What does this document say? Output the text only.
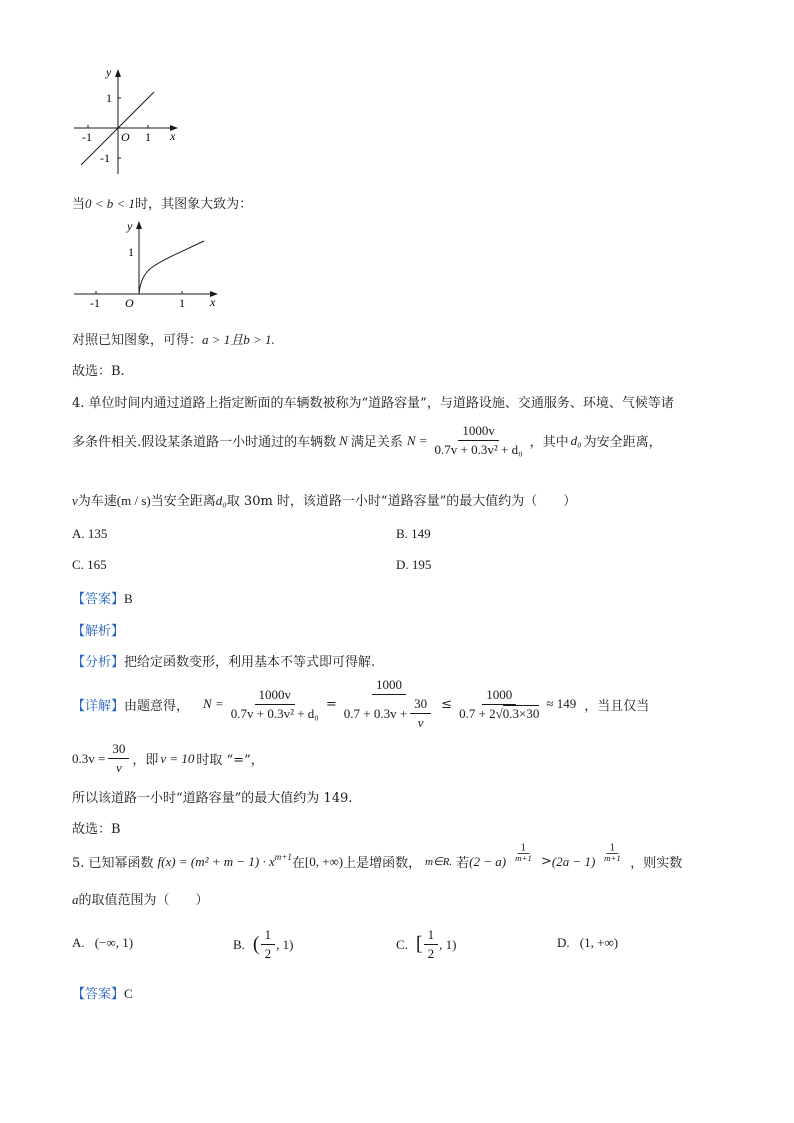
y
x
O 1
-1
1
-1
当0 < b < 1时，其图象大致为：
y
x
O	1
-1
1
对照已知图象，可得：a > 1且b > 1.
故选：B.
4. 单位时间内通过道路上指定断面的车辆数被称为“道路容量”，与道路设施、交通服务、环境、气候等诸
多条件相关.假设某条道路一小时通过的车辆数 N 满足关系 $N = \frac{1000v}{\text{0.7v + 0.3v² + d₀}}$ ，其中 d₀ 为安全距离，
v为车速(m / s)当安全距离d₀取 30m 时，该道路一小时“道路容量”的最大值约为（　　）
A. 135	B. 149
C. 165	D. 195
【答案】B
【解析】
【分析】把给定函数变形，利用基本不等式即可得解.
【详解】 由题意得， $N = \frac{1000v}{\text{0.7v + 0.3v² + d₀}} = \frac{1000}{0.7 + 0.3v + \frac{30}{v}} \le \frac{1000}{0.7 + 2√0.3\times 30} \approx 149$ ，当且仅当
$0.3v = \frac{30}{v}$ ，即 v = 10 时取 “=”，
所以该道路一小时“道路容量”的最大值约为 149.
故选：B
5. 已知幂函数 $f(x) = (m^2 + m - 1) \cdot x^{m+1}$ 在 [0, +∞) 上是增函数， m∈R. 若 $(2 - a) \frac{1}{m+1} > (2a - 1) \frac{1}{m+1}$
，则实数
a的取值范围为（　　）
A. (−∞, 1)	B. ( $\frac{1}{2}$ , 1)	C. [ $\frac{1}{2}$ , 1)	D. (1, +∞)
【答案】C
